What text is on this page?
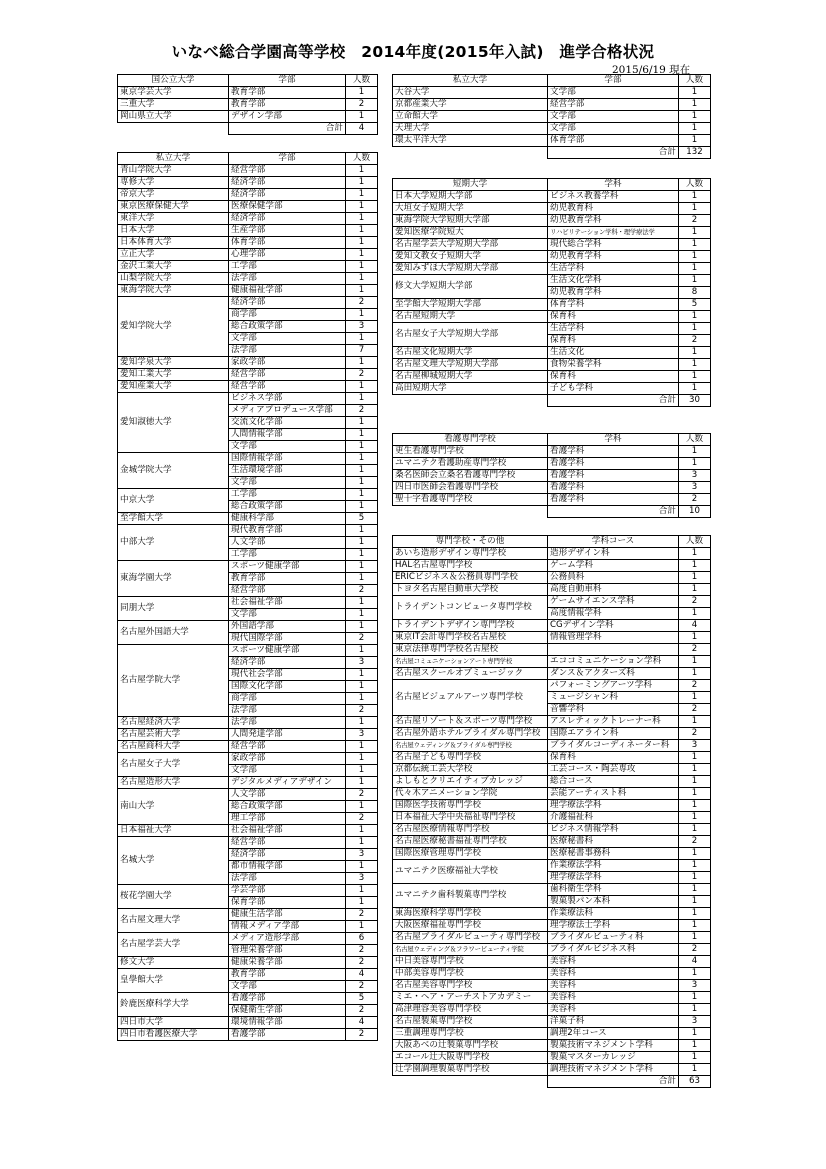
いなべ総合学園高等学校　2014年度(2015年入試)　進学合格状況
2015/6/19 現在
国公立大学	学部	人数
東京学芸大学	教育学部	1
三重大学	教育学部	2
岡山県立大学	デザイン学部	1
	合計	4
私立大学	学部	人数
青山学院大学	経営学部	1
専修大学	経済学部	1
帝京大学	経済学部	1
東京医療保健大学	医療保健学部	1
東洋大学	経済学部	1
日本大学	生産学部	1
日本体育大学	体育学部	1
立正大学	心理学部	1
金沢工業大学	工学部	1
山梨学院大学	法学部	1
東海学院大学	健康福祉学部	1
愛知学院大学	経済学部	2
	商学部	1
	総合政策学部	3
	文学部	1
	法学部	7
愛知学泉大学	家政学部	1
愛知工業大学	経営学部	2
愛知産業大学	経営学部	1
愛知淑徳大学	ビジネス学部	1
	メディアプロデュース学部	2
	交流文化学部	1
	人間情報学部	1
	文学部	1
金城学院大学	国際情報学部	1
	生活環境学部	1
	文学部	1
中京大学	工学部	1
	総合政策学部	1
至学館大学	健康科学部	5
中部大学	現代教育学部	1
	人文学部	1
	工学部	1
東海学園大学	スポーツ健康学部	1
	教育学部	1
	経営学部	2
同朋大学	社会福祉学部	1
	文学部	1
名古屋外国語大学	外国語学部	1
	現代国際学部	2
名古屋学院大学	スポーツ健康学部	1
	経済学部	3
	現代社会学部	1
	国際文化学部	1
	商学部	1
	法学部	2
名古屋経済大学	法学部	1
名古屋芸術大学	人間発達学部	3
名古屋商科大学	経営学部	1
名古屋女子大学	家政学部	1
	文学部	1
名古屋造形大学	デジタルメディアデザイン	1
南山大学	人文学部	2
	総合政策学部	1
	理工学部	2
日本福祉大学	社会福祉学部	1
名城大学	経営学部	1
	経済学部	3
	都市情報学部	1
	法学部	3
桜花学園大学	学芸学部	1
	保育学部	1
名古屋文理大学	健康生活学部	2
	情報メディア学部	1
名古屋学芸大学	メディア造形学部	6
	管理栄養学部	2
修文大学	健康栄養学部	2
皇學館大学	教育学部	4
	文学部	2
鈴鹿医療科学大学	看護学部	5
	保健衛生学部	2
四日市大学	環境情報学部	4
四日市看護医療大学	看護学部	2
私立大学	学部	人数
大谷大学	文学部	1
京都産業大学	経営学部	1
立命館大学	文学部	1
天理大学	文学部	1
環太平洋大学	体育学部	1
	合計	132
短期大学	学科	人数
日本大学短期大学部	ビジネス教養学科	1
大垣女子短期大学	幼児教育科	1
東海学院大学短期大学部	幼児教育学科	2
愛知医療学院短大	リハビリテーション学科・理学療法学	1
名古屋学芸大学短期大学部	現代総合学科	1
愛知文教女子短期大学	幼児教育学科	1
愛知みずほ大学短期大学部	生活学科	1
修文大学短期大学部	生活文化学科	1
	幼児教育学科	8
至学館大学短期大学部	体育学科	5
名古屋短期大学	保育科	1
名古屋女子大学短期大学部	生活学科	1
	保育科	2
名古屋文化短期大学	生活文化	1
名古屋文理大学短期大学部	食物栄養学科	1
名古屋柳城短期大学	保育科	1
高田短期大学	子ども学科	1
	合計	30
看護専門学校	学科	人数
更生看護専門学校	看護学科	1
ユマニテク看護助産専門学校	看護学科	1
桑名医師会立桑名看護専門学校	看護学科	3
四日市医師会看護専門学校	看護学科	3
聖十字看護専門学校	看護学科	2
	合計	10
専門学校・その他	学科コース	人数
あいち造形デザイン専門学校	造形デザイン科	1
HAL名古屋専門学校	ゲーム学科	1
ERICビジネス＆公務員専門学校	公務員科	1
トヨタ名古屋自動車大学校	高度自動車科	1
トライデントコンピュータ専門学校	ゲームサイエンス学科	2
	高度情報学科	1
トライデントデザイン専門学校	CGデザイン学科	4
東京IT会計専門学校名古屋校	情報管理学科	1
東京法律専門学校名古屋校		2
名古屋コミュニケーションアート専門学校	エココミュニケーション学科	1
名古屋スクールオブミュージック	ダンス＆アクターズ科	1
名古屋ビジュアルアーツ専門学校	パフォーミングアーツ学科	2
	ミュージシャン科	1
	音響学科	2
名古屋リゾート＆スポーツ専門学校	アスレティックトレーナー科	1
名古屋外語ホテルブライダル専門学校	国際エアライン科	2
名古屋ウェディング＆ブライダル専門学校	ブライダルコーディネーター科	3
名古屋子ども専門学校	保育科	1
京都伝統工芸大学校	工芸コース・陶芸専攻	1
よしもとクリエイティブカレッジ	総合コース	1
代々木アニメーション学院	芸能アーティスト科	1
国際医学技術専門学校	理学療法学科	1
日本福祉大学中央福祉専門学校	介護福祉科	1
名古屋医療情報専門学校	ビジネス情報学科	1
名古屋医療秘書福祉専門学校	医療秘書科	2
国際医療管理専門学校	医療秘書事務科	1
ユマニテク医療福祉大学校	作業療法学科	1
	理学療法学科	1
ユマニテク歯科製菓専門学校	歯科衛生学科	1
	製菓製パン本科	1
東海医療科学専門学校	作業療法科	1
大阪医療福祉専門学校	理学療法士学科	1
名古屋ブライダルビューティ専門学校	ブライダルビューティ科	1
名古屋ウェディング＆フラワービューティ学院	ブライダルビジネス科	2
中日美容専門学校	美容科	4
中部美容専門学校	美容科	1
名古屋美容専門学校	美容科	3
ミエ・ヘア・アーチストアカデミー	美容科	1
高津理容美容専門学校	美容科	1
名古屋製菓専門学校	洋菓子科	3
三重調理専門学校	調理2年コース	1
大阪あべの辻製菓専門学校	製菓技術マネジメント学科	1
エコール辻大阪専門学校	製菓マスターカレッジ	1
辻学園調理製菓専門学校	調理技術マネジメント学科	1
	合計	63
